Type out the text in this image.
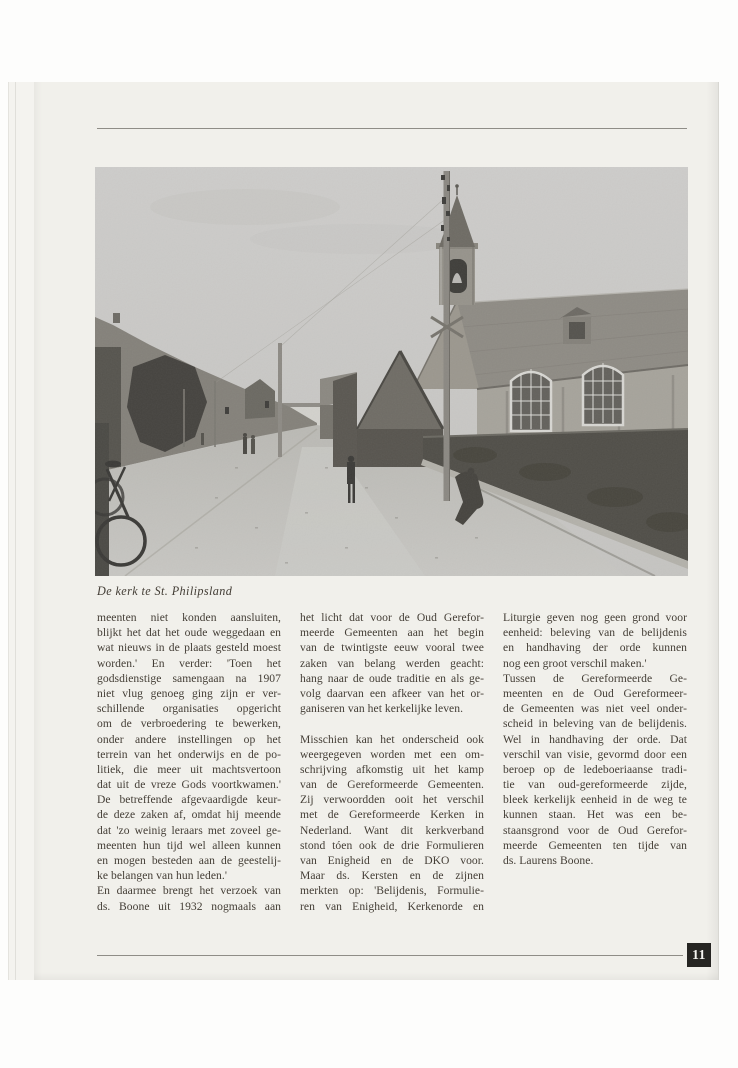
De kerk te St. Philipsland
meenten niet konden aansluiten,
blijkt het dat het oude weggedaan en
wat nieuws in de plaats gesteld moest
worden.' En verder: 'Toen het
godsdienstige samengaan na 1907
niet vlug genoeg ging zijn er ver-
schillende organisaties opgericht
om de verbroedering te bewerken,
onder andere instellingen op het
terrein van het onderwijs en de po-
litiek, die meer uit machtsvertoon
dat uit de vreze Gods voortkwamen.'
De betreffende afgevaardigde keur-
de deze zaken af, omdat hij meende
dat 'zo weinig leraars met zoveel ge-
meenten hun tijd wel alleen kunnen
en mogen besteden aan de geestelij-
ke belangen van hun leden.'
En daarmee brengt het verzoek van
ds. Boone uit 1932 nogmaals aan
het licht dat voor de Oud Gerefor-
meerde Gemeenten aan het begin
van de twintigste eeuw vooral twee
zaken van belang werden geacht:
hang naar de oude traditie en als ge-
volg daarvan een afkeer van het or-
ganiseren van het kerkelijke leven.
Misschien kan het onderscheid ook
weergegeven worden met een om-
schrijving afkomstig uit het kamp
van de Gereformeerde Gemeenten.
Zij verwoordden ooit het verschil
met de Gereformeerde Kerken in
Nederland. Want dit kerkverband
stond tóen ook de drie Formulieren
van Enigheid en de DKO voor.
Maar ds. Kersten en de zijnen
merkten op: 'Belijdenis, Formulie-
ren van Enigheid, Kerkenorde en
Liturgie geven nog geen grond voor
eenheid: beleving van de belijdenis
en handhaving der orde kunnen
nog een groot verschil maken.'
Tussen de Gereformeerde Ge-
meenten en de Oud Gereformeer-
de Gemeenten was niet veel onder-
scheid in beleving van de belijdenis.
Wel in handhaving der orde. Dat
verschil van visie, gevormd door een
beroep op de ledeboeriaanse tradi-
tie van oud-gereformeerde zijde,
bleek kerkelijk eenheid in de weg te
kunnen staan. Het was een be-
staansgrond voor de Oud Gerefor-
meerde Gemeenten ten tijde van
ds. Laurens Boone.
11
